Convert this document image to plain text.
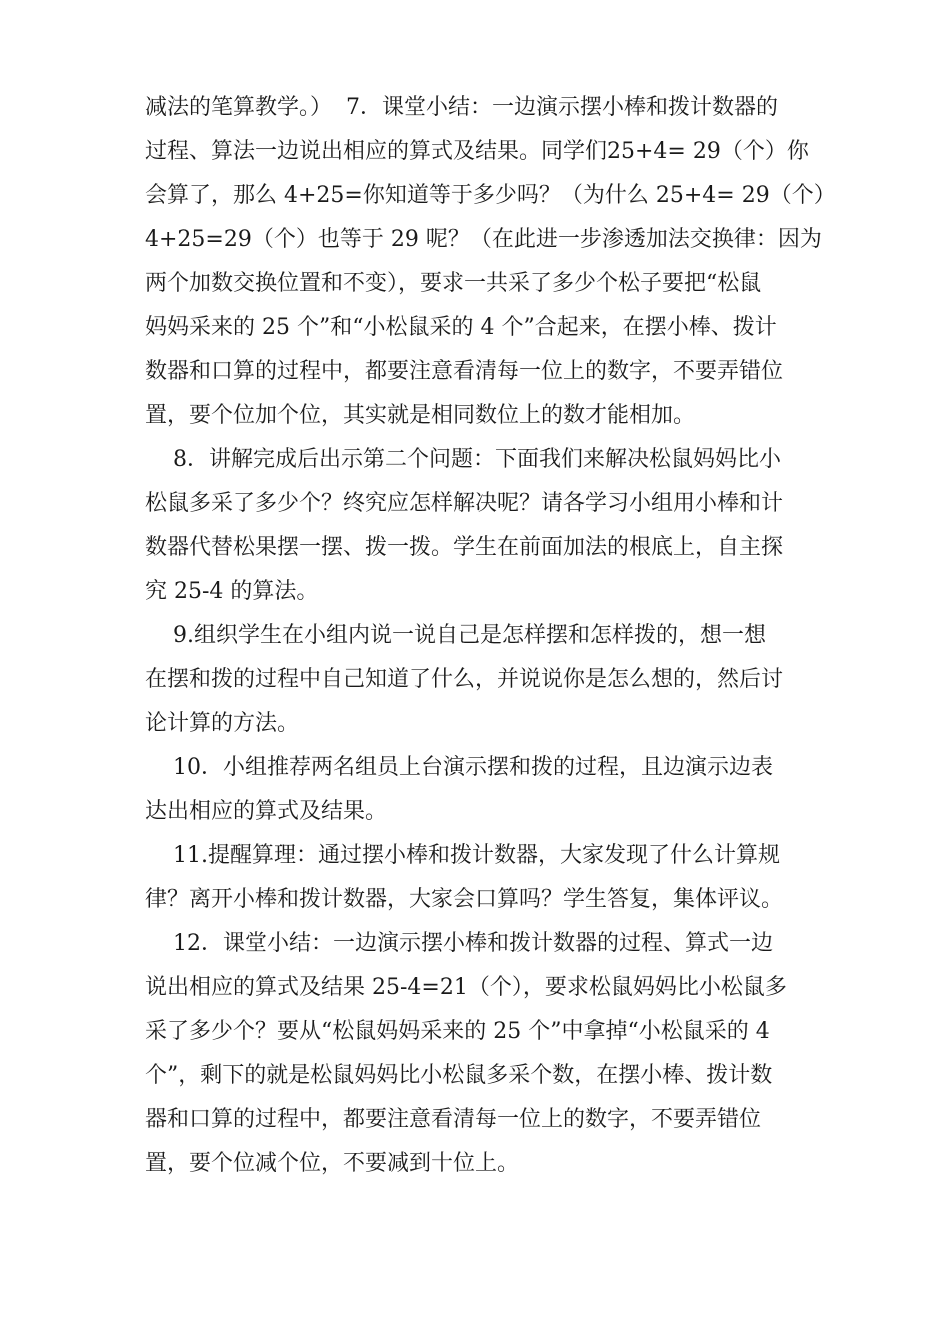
减法的笔算教学。）  7．课堂小结：一边演示摆小棒和拨计数器的
过程、算法一边说出相应的算式及结果。同学们25+4= 29（个）你
会算了，那么 4+25=你知道等于多少吗？（为什么 25+4= 29（个）
4+25=29（个）也等于 29 呢？（在此进一步渗透加法交换律：因为
两个加数交换位置和不变），要求一共采了多少个松子要把“松鼠
妈妈采来的 25 个”和“小松鼠采的 4 个”合起来，在摆小棒、拨计
数器和口算的过程中，都要注意看清每一位上的数字，不要弄错位
置，要个位加个位，其实就是相同数位上的数才能相加。
8．讲解完成后出示第二个问题：下面我们来解决松鼠妈妈比小
松鼠多采了多少个？终究应怎样解决呢？请各学习小组用小棒和计
数器代替松果摆一摆、拨一拨。学生在前面加法的根底上，自主探
究 25-4 的算法。
9.组织学生在小组内说一说自己是怎样摆和怎样拨的，想一想
在摆和拨的过程中自己知道了什么，并说说你是怎么想的，然后讨
论计算的方法。
10．小组推荐两名组员上台演示摆和拨的过程，且边演示边表
达出相应的算式及结果。
11.提醒算理：通过摆小棒和拨计数器，大家发现了什么计算规
律？离开小棒和拨计数器，大家会口算吗？学生答复，集体评议。
12．课堂小结：一边演示摆小棒和拨计数器的过程、算式一边
说出相应的算式及结果 25-4=21（个），要求松鼠妈妈比小松鼠多
采了多少个？要从“松鼠妈妈采来的 25 个”中拿掉“小松鼠采的 4
个”，剩下的就是松鼠妈妈比小松鼠多采个数，在摆小棒、拨计数
器和口算的过程中，都要注意看清每一位上的数字，不要弄错位
置，要个位减个位，不要减到十位上。
